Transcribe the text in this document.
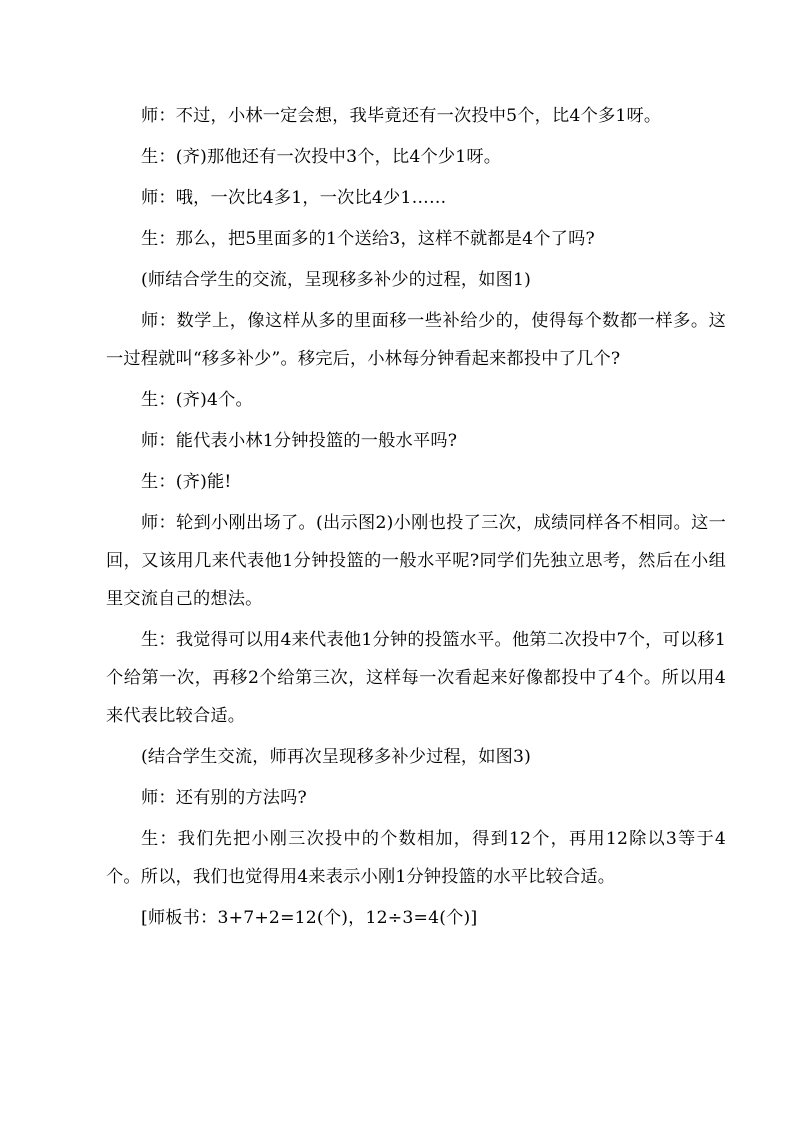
师：不过，小林一定会想，我毕竟还有一次投中5个，比4个多1呀。

生：(齐)那他还有一次投中3个，比4个少1呀。

师：哦，一次比4多1，一次比4少1……

生：那么，把5里面多的1个送给3，这样不就都是4个了吗?

(师结合学生的交流，呈现移多补少的过程，如图1)

师：数学上，像这样从多的里面移一些补给少的，使得每个数都一样多。这一过程就叫“移多补少”。移完后，小林每分钟看起来都投中了几个?

生：(齐)4个。

师：能代表小林1分钟投篮的一般水平吗?

生：(齐)能!

师：轮到小刚出场了。(出示图2)小刚也投了三次，成绩同样各不相同。这一回，又该用几来代表他1分钟投篮的一般水平呢?同学们先独立思考，然后在小组里交流自己的想法。

生：我觉得可以用4来代表他1分钟的投篮水平。他第二次投中7个，可以移1个给第一次，再移2个给第三次，这样每一次看起来好像都投中了4个。所以用4来代表比较合适。

(结合学生交流，师再次呈现移多补少过程，如图3)

师：还有别的方法吗?

生：我们先把小刚三次投中的个数相加，得到12个，再用12除以3等于4个。所以，我们也觉得用4来表示小刚1分钟投篮的水平比较合适。

[师板书：3+7+2=12(个)，12÷3=4(个)]
